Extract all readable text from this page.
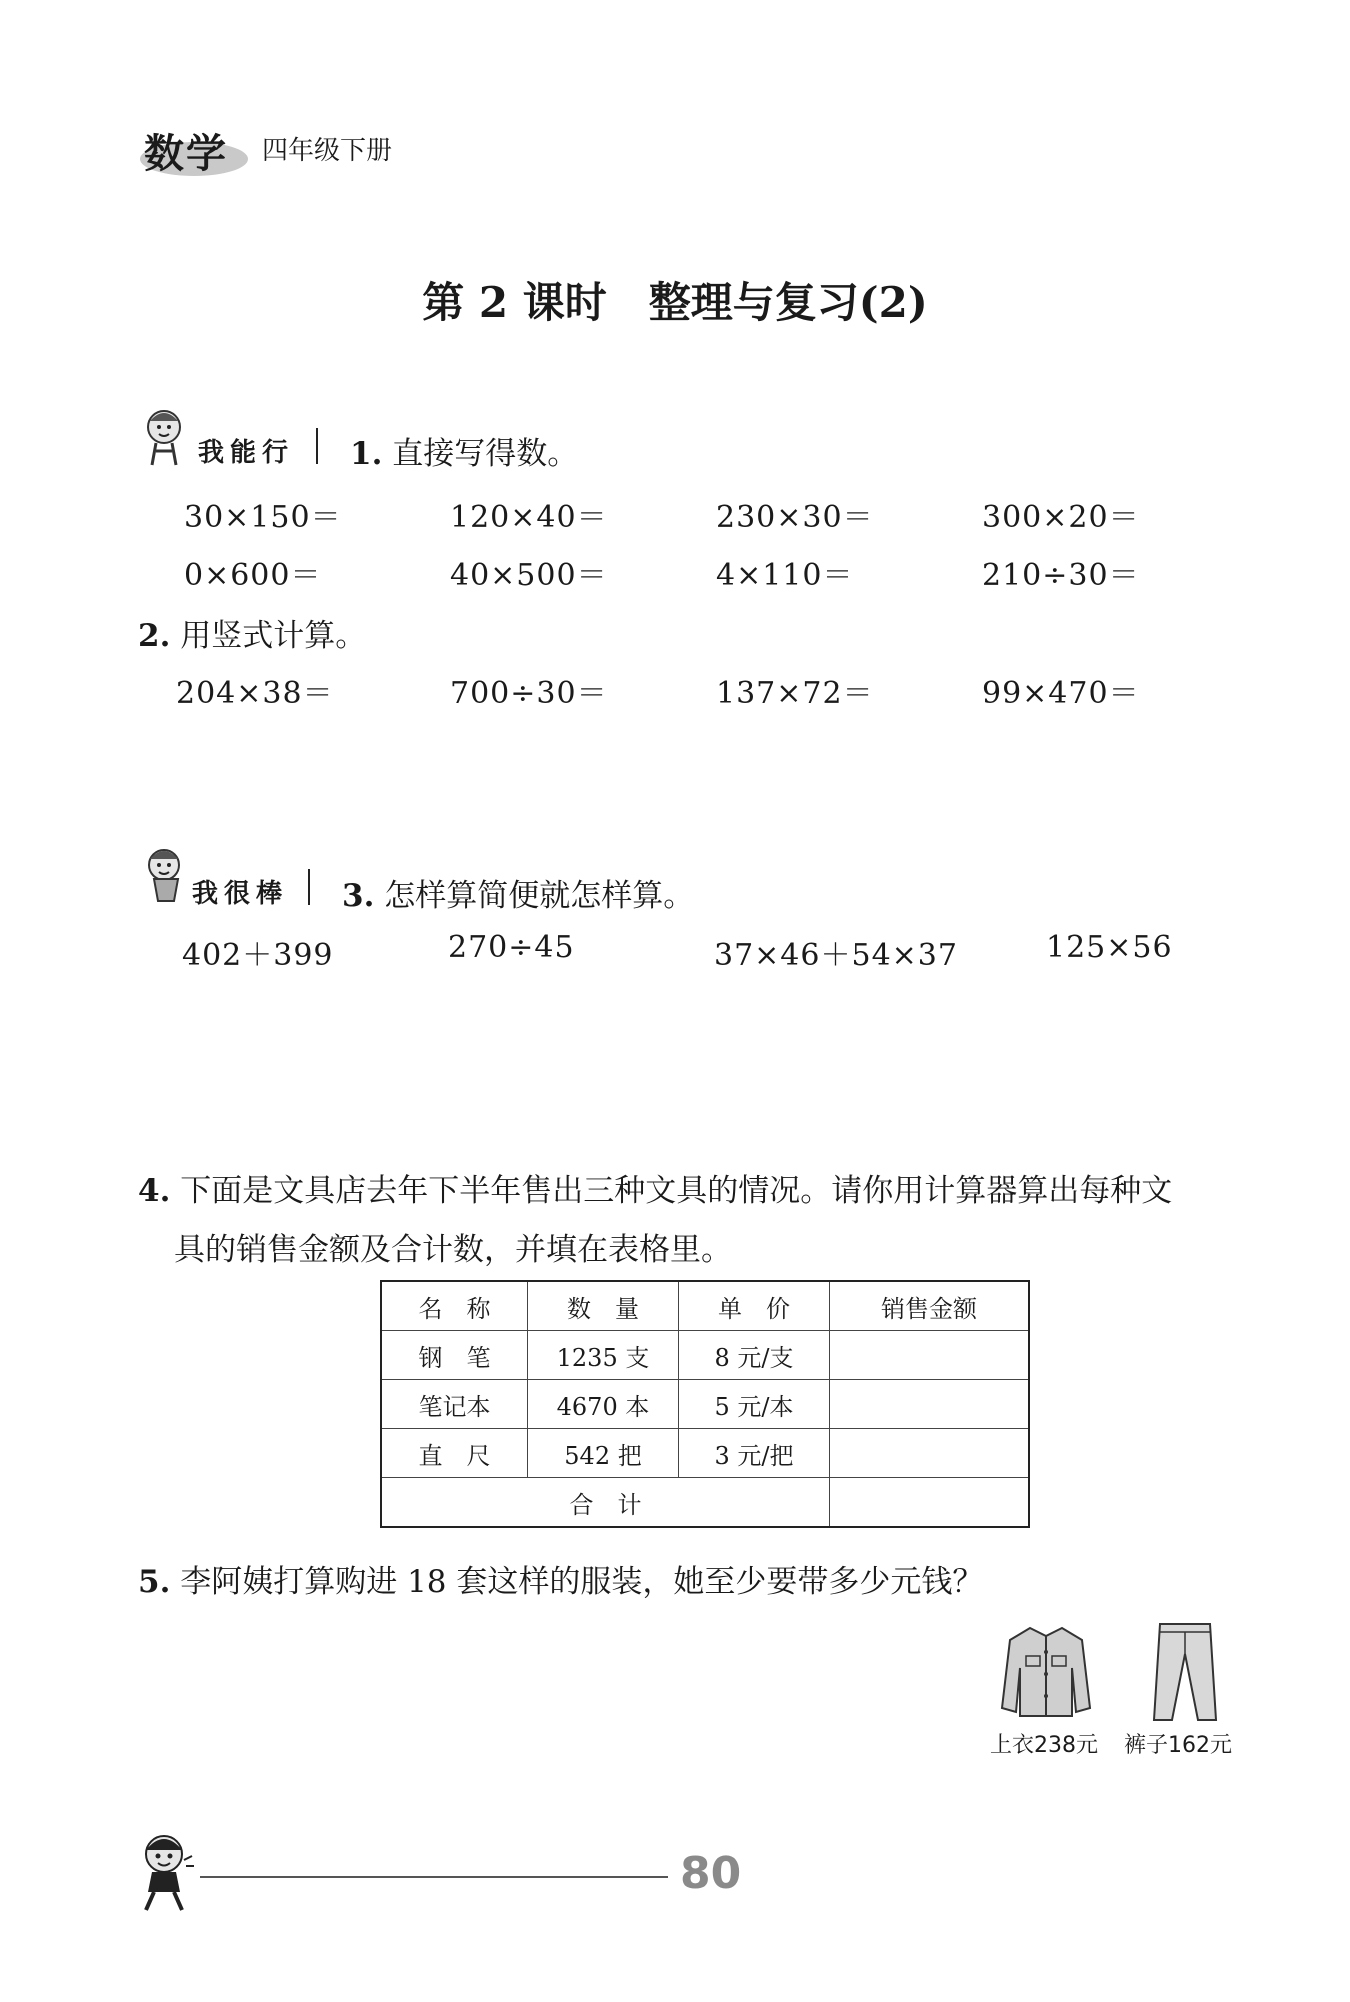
数学 四年级下册
第 2 课时　整理与复习(2)
我能行 1. 直接写得数。
30×150＝	120×40＝	230×30＝	300×20＝
0×600＝	40×500＝	4×110＝	210÷30＝
2. 用竖式计算。
204×38＝	700÷30＝	137×72＝	99×470＝
我很棒 3. 怎样算简便就怎样算。
402＋399	270÷45	37×46＋54×37	125×56
4. 下面是文具店去年下半年售出三种文具的情况。请你用计算器算出每种文
具的销售金额及合计数，并填在表格里。
名　称	数　量	单　价	销售金额
钢　笔	1235 支	8 元/支	
笔记本	4670 本	5 元/本	
直　尺	542 把	3 元/把	
合　计			
5. 李阿姨打算购进 18 套这样的服装，她至少要带多少元钱？
上衣238元 裤子162元
80
